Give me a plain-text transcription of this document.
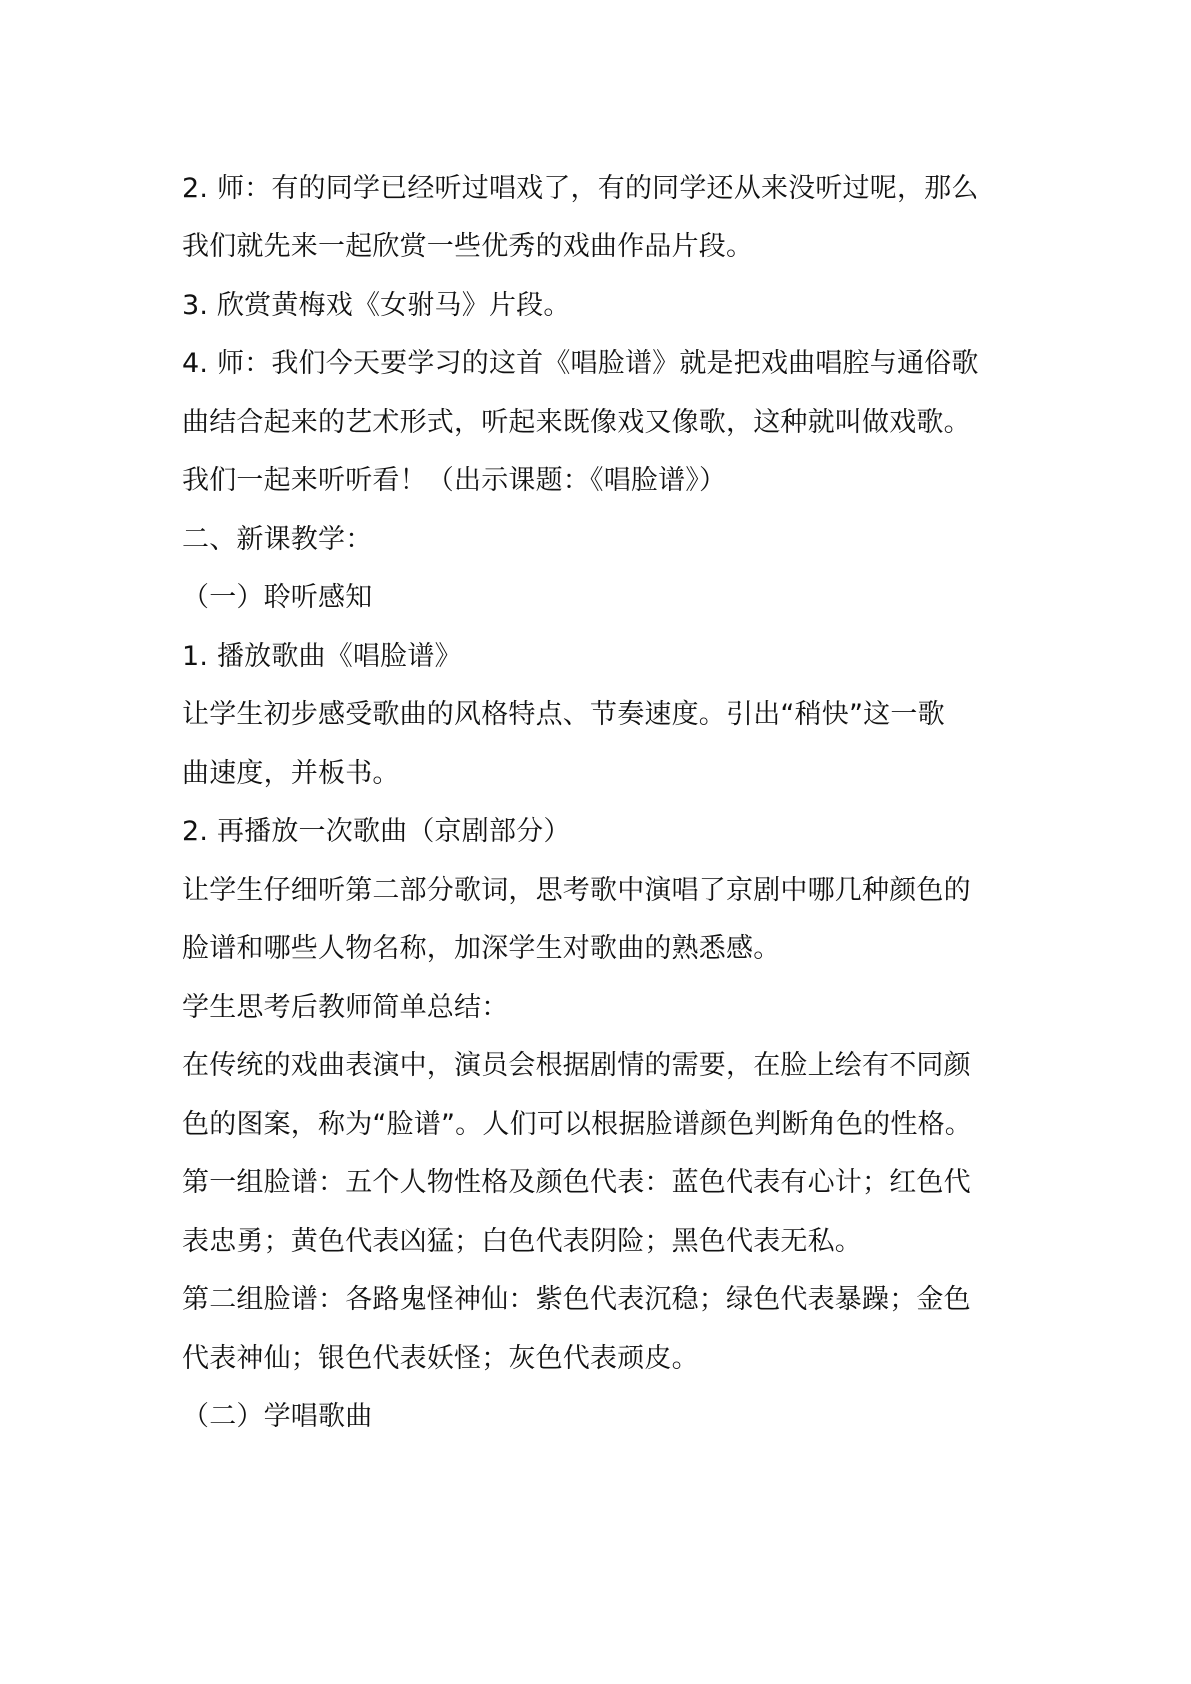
2. 师：有的同学已经听过唱戏了，有的同学还从来没听过呢，那么
我们就先来一起欣赏一些优秀的戏曲作品片段。
3. 欣赏黄梅戏《女驸马》片段。
4. 师：我们今天要学习的这首《唱脸谱》就是把戏曲唱腔与通俗歌
曲结合起来的艺术形式，听起来既像戏又像歌，这种就叫做戏歌。
我们一起来听听看！（出示课题：《唱脸谱》）
二、新课教学：
（一）聆听感知
1. 播放歌曲《唱脸谱》
让学生初步感受歌曲的风格特点、节奏速度。引出“稍快”这一歌
曲速度，并板书。
2. 再播放一次歌曲（京剧部分）
让学生仔细听第二部分歌词，思考歌中演唱了京剧中哪几种颜色的
脸谱和哪些人物名称，加深学生对歌曲的熟悉感。
学生思考后教师简单总结：
在传统的戏曲表演中，演员会根据剧情的需要，在脸上绘有不同颜
色的图案，称为“脸谱”。人们可以根据脸谱颜色判断角色的性格。
第一组脸谱：五个人物性格及颜色代表：蓝色代表有心计；红色代
表忠勇；黄色代表凶猛；白色代表阴险；黑色代表无私。
第二组脸谱：各路鬼怪神仙：紫色代表沉稳；绿色代表暴躁；金色
代表神仙；银色代表妖怪；灰色代表顽皮。
（二）学唱歌曲
